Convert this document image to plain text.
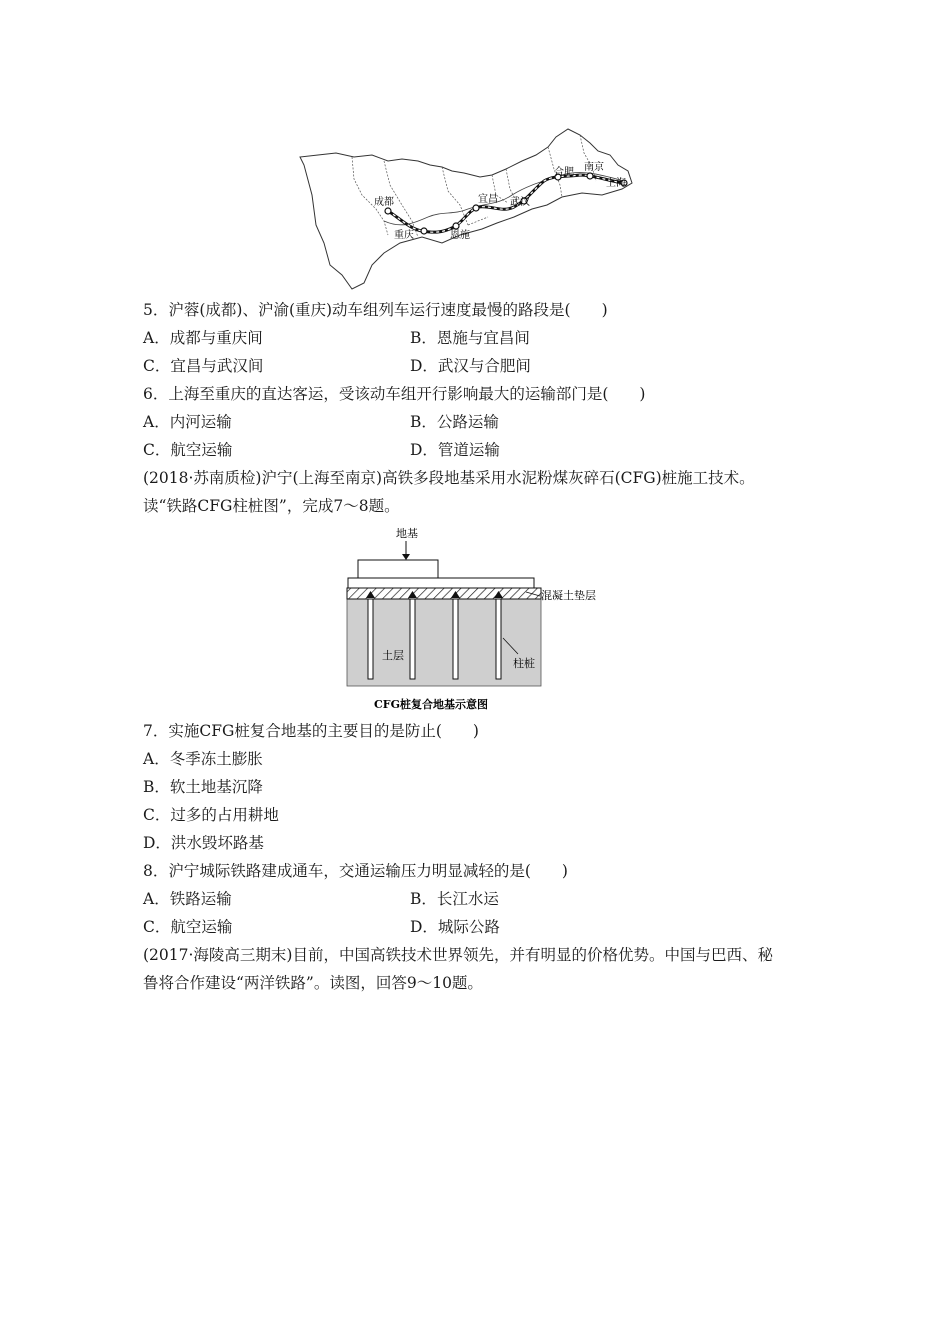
成都
重庆	恩施
宜昌 武汉
合肥 南京
上海
5．沪蓉(成都)、沪渝(重庆)动车组列车运行速度最慢的路段是(　　)
A．成都与重庆间	B．恩施与宜昌间
C．宜昌与武汉间	D．武汉与合肥间
6．上海至重庆的直达客运，受该动车组开行影响最大的运输部门是(　　)
A．内河运输	B．公路运输
C．航空运输	D．管道运输
(2018·苏南质检)沪宁(上海至南京)高铁多段地基采用水泥粉煤灰碎石(CFG)桩施工技术。
读“铁路CFG柱桩图”，完成7～8题。
地基
混凝土垫层
土层
柱桩
CFG桩复合地基示意图
7．实施CFG桩复合地基的主要目的是防止(　　)
A．冬季冻土膨胀
B．软土地基沉降
C．过多的占用耕地
D．洪水毁坏路基
8．沪宁城际铁路建成通车，交通运输压力明显减轻的是(　　)
A．铁路运输	B．长江水运
C．航空运输	D．城际公路
(2017·海陵高三期末)目前，中国高铁技术世界领先，并有明显的价格优势。中国与巴西、秘
鲁将合作建设“两洋铁路”。读图，回答9～10题。
